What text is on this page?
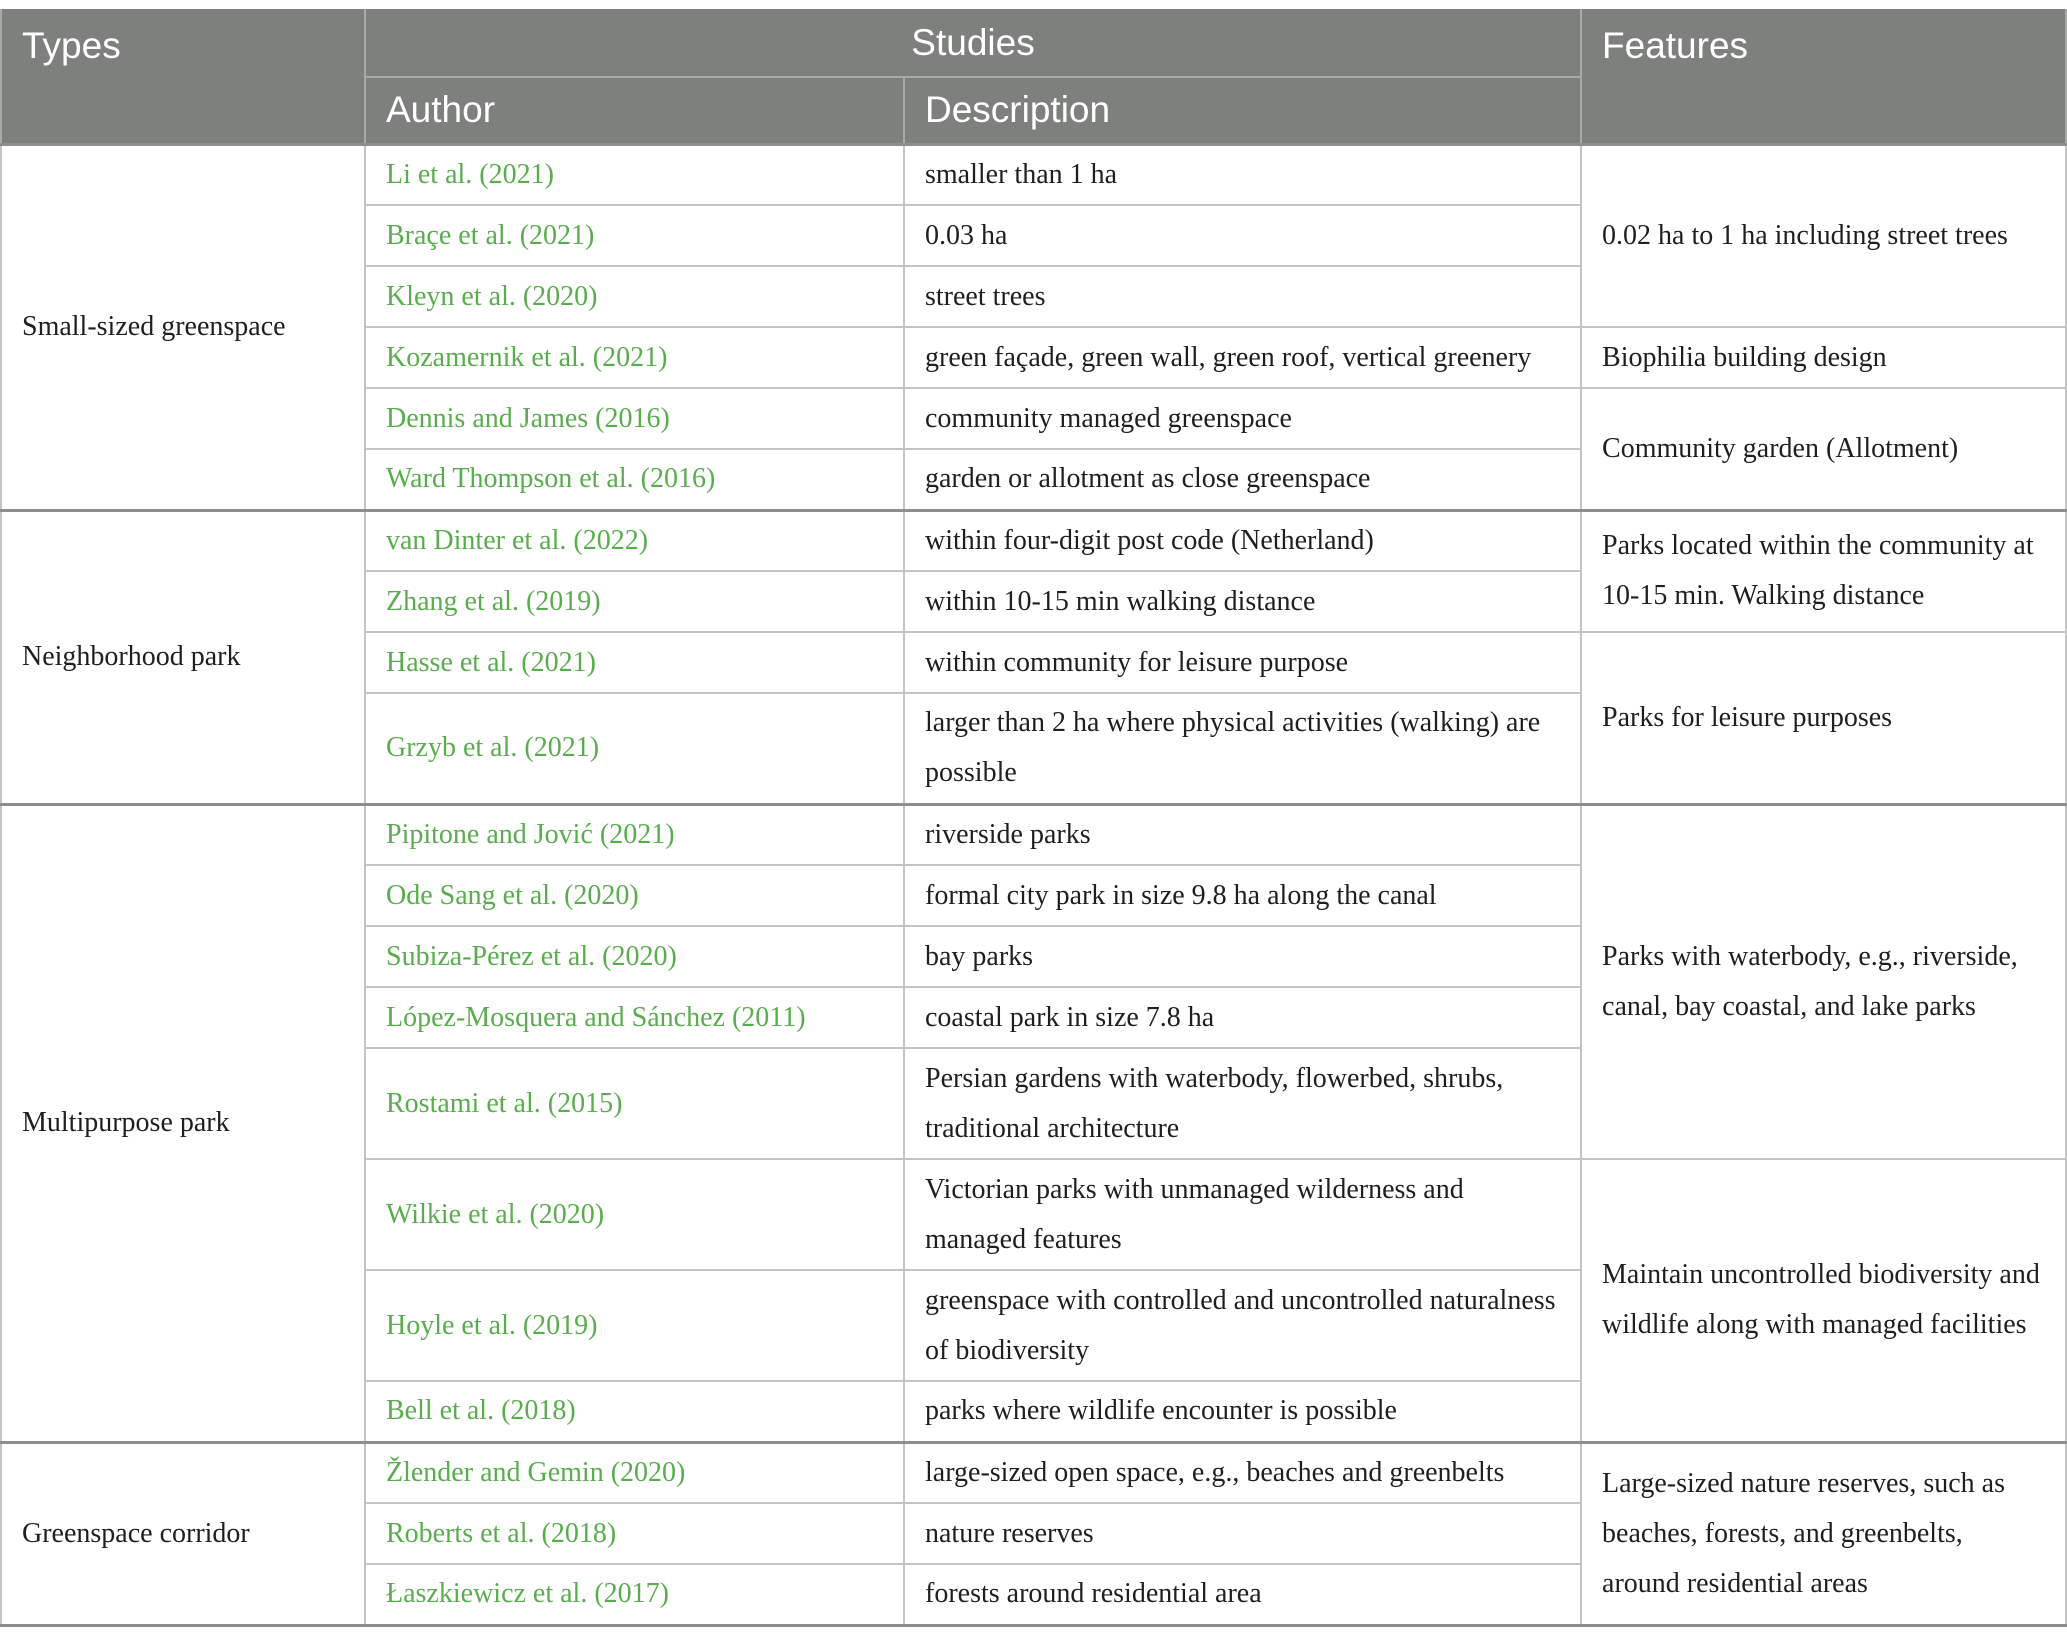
Types	Studies		Features
	Author	Description	
Small-sized greenspace	Li et al. (2021)	smaller than 1 ha	0.02 ha to 1 ha including street trees
	Braçe et al. (2021)	0.03 ha	
	Kleyn et al. (2020)	street trees	
	Kozamernik et al. (2021)	green façade, green wall, green roof, vertical greenery	Biophilia building design
	Dennis and James (2016)	community managed greenspace	Community garden (Allotment)
	Ward Thompson et al. (2016)	garden or allotment as close greenspace	
Neighborhood park	van Dinter et al. (2022)	within four-digit post code (Netherland)	Parks located within the community at 10-15 min. Walking distance
	Zhang et al. (2019)	within 10-15 min walking distance	
	Hasse et al. (2021)	within community for leisure purpose	Parks for leisure purposes
	Grzyb et al. (2021)	larger than 2 ha where physical activities (walking) are possible	
Multipurpose park	Pipitone and Jović (2021)	riverside parks	Parks with waterbody, e.g., riverside, canal, bay coastal, and lake parks
	Ode Sang et al. (2020)	formal city park in size 9.8 ha along the canal	
	Subiza-Pérez et al. (2020)	bay parks	
	López-Mosquera and Sánchez (2011)	coastal park in size 7.8 ha	
	Rostami et al. (2015)	Persian gardens with waterbody, flowerbed, shrubs, traditional architecture	
	Wilkie et al. (2020)	Victorian parks with unmanaged wilderness and managed features	Maintain uncontrolled biodiversity and wildlife along with managed facilities
	Hoyle et al. (2019)	greenspace with controlled and uncontrolled naturalness of biodiversity	
	Bell et al. (2018)	parks where wildlife encounter is possible	
Greenspace corridor	Žlender and Gemin (2020)	large-sized open space, e.g., beaches and greenbelts	Large-sized nature reserves, such as beaches, forests, and greenbelts, around residential areas
	Roberts et al. (2018)	nature reserves	
	Łaszkiewicz et al. (2017)	forests around residential area	
